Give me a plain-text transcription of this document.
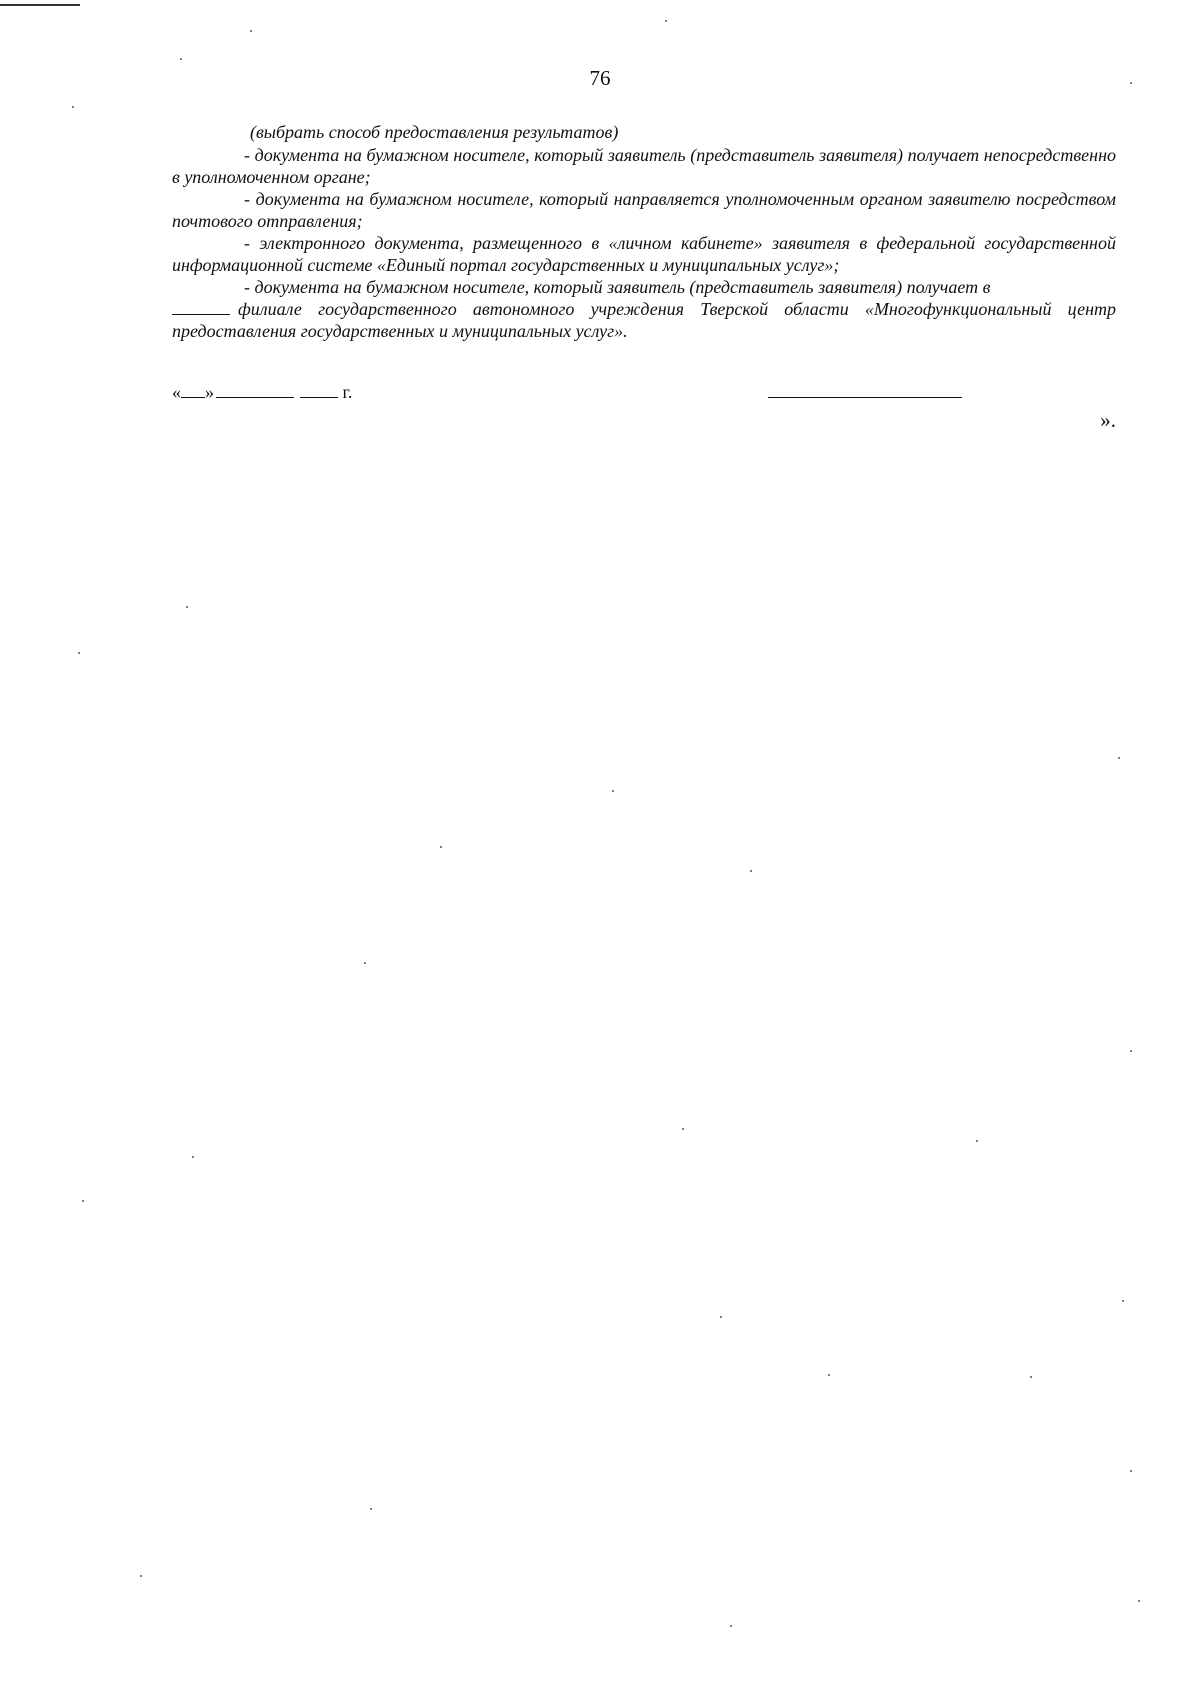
76
(выбрать способ предоставления результатов)

- документа на бумажном носителе, который заявитель (представитель заявителя) получает непосредственно в уполномоченном органе;

- документа на бумажном носителе, который направляется уполномоченным органом заявителю посредством почтового отправления;

- электронного документа, размещенного в «личном кабинете» заявителя в федеральной государственной информационной системе «Единый портал государственных и муниципальных услуг»;

- документа на бумажном носителе, который заявитель (представитель заявителя) получает в
филиале государственного автономного учреждения Тверской области «Многофункциональный центр предоставления государственных и муниципальных услуг».

« »	г.
».
